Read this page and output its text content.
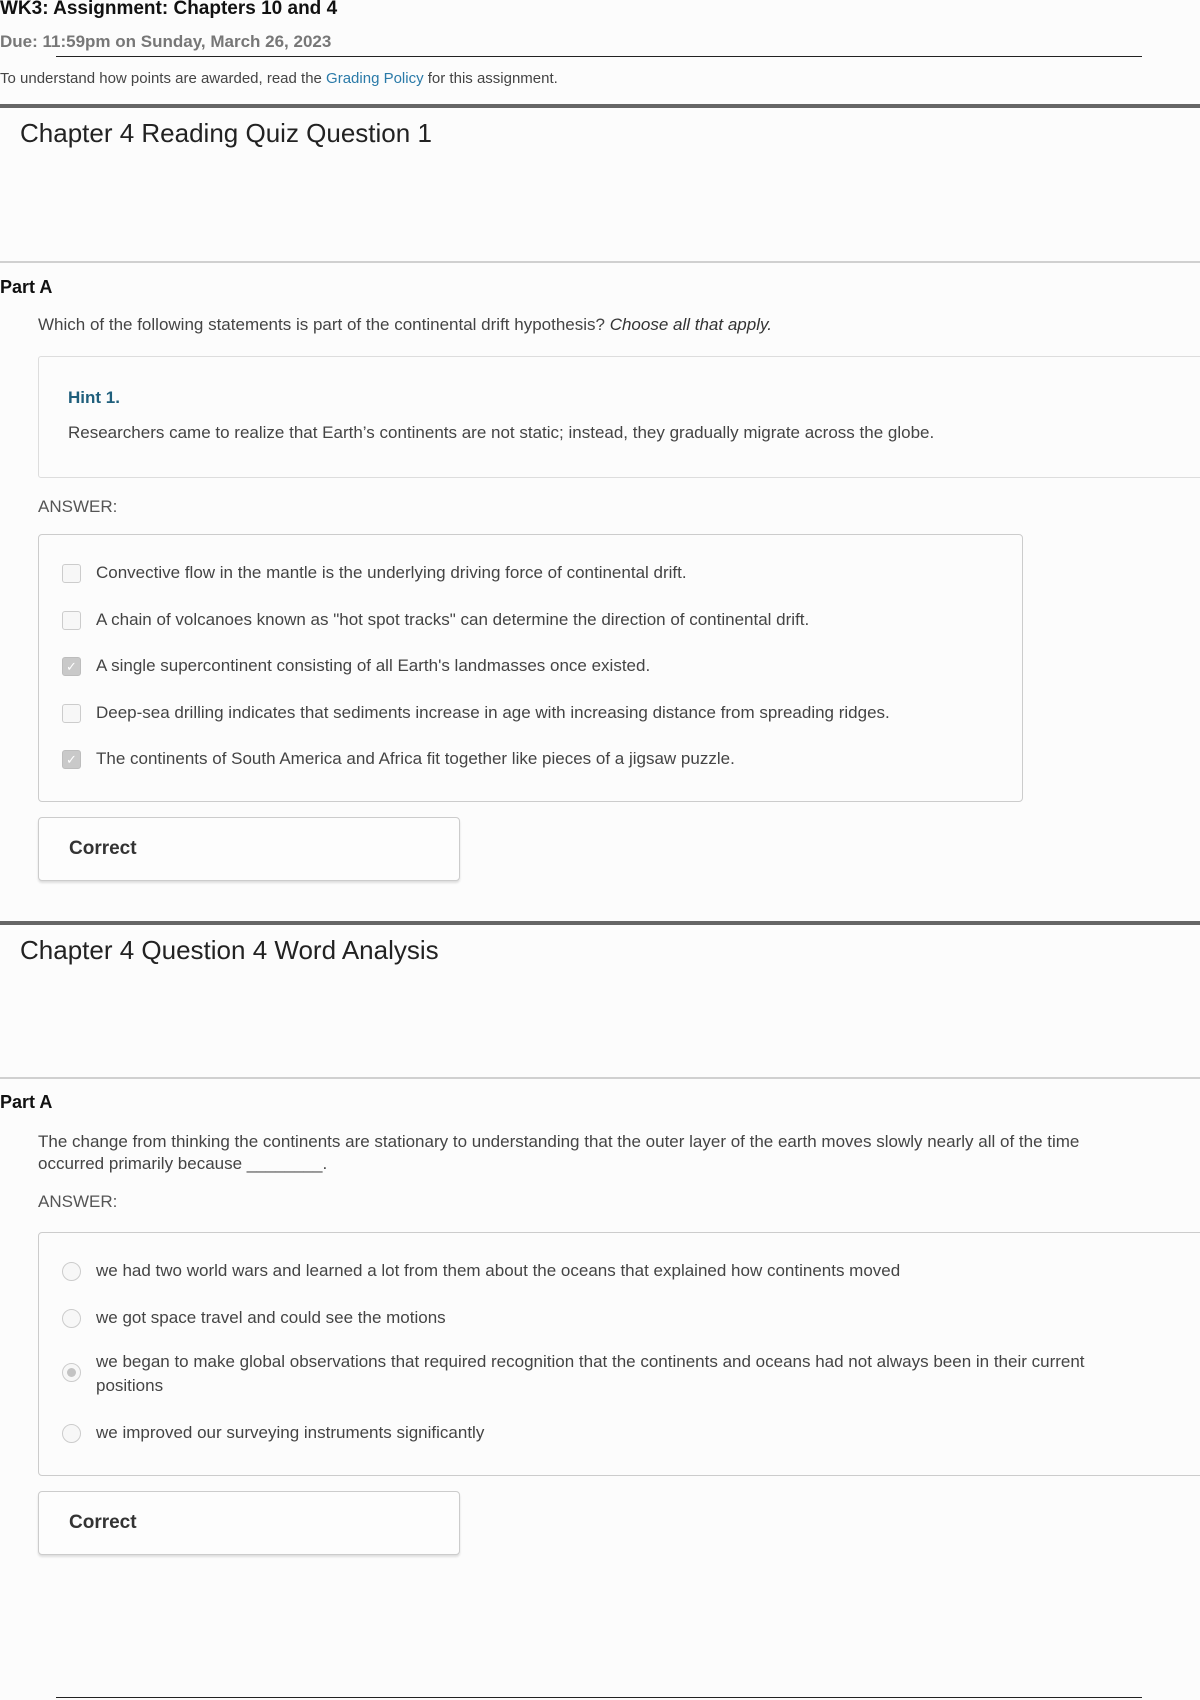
WK3: Assignment: Chapters 10 and 4
Due: 11:59pm on Sunday, March 26, 2023
To understand how points are awarded, read the Grading Policy for this assignment.
Chapter 4 Reading Quiz Question 1
Part A
Which of the following statements is part of the continental drift hypothesis? Choose all that apply.
Hint 1.
Researchers came to realize that Earth’s continents are not static; instead, they gradually migrate across the globe.
ANSWER:
Convective flow in the mantle is the underlying driving force of continental drift.
A chain of volcanoes known as "hot spot tracks" can determine the direction of continental drift.
✓ A single supercontinent consisting of all Earth's landmasses once existed.
Deep-sea drilling indicates that sediments increase in age with increasing distance from spreading ridges.
✓ The continents of South America and Africa fit together like pieces of a jigsaw puzzle.
Correct
Chapter 4 Question 4 Word Analysis
Part A
The change from thinking the continents are stationary to understanding that the outer layer of the earth moves slowly nearly all of the time
occurred primarily because ________.
ANSWER:
we had two world wars and learned a lot from them about the oceans that explained how continents moved
we got space travel and could see the motions
we began to make global observations that required recognition that the continents and oceans had not always been in their current positions
we improved our surveying instruments significantly
Correct
